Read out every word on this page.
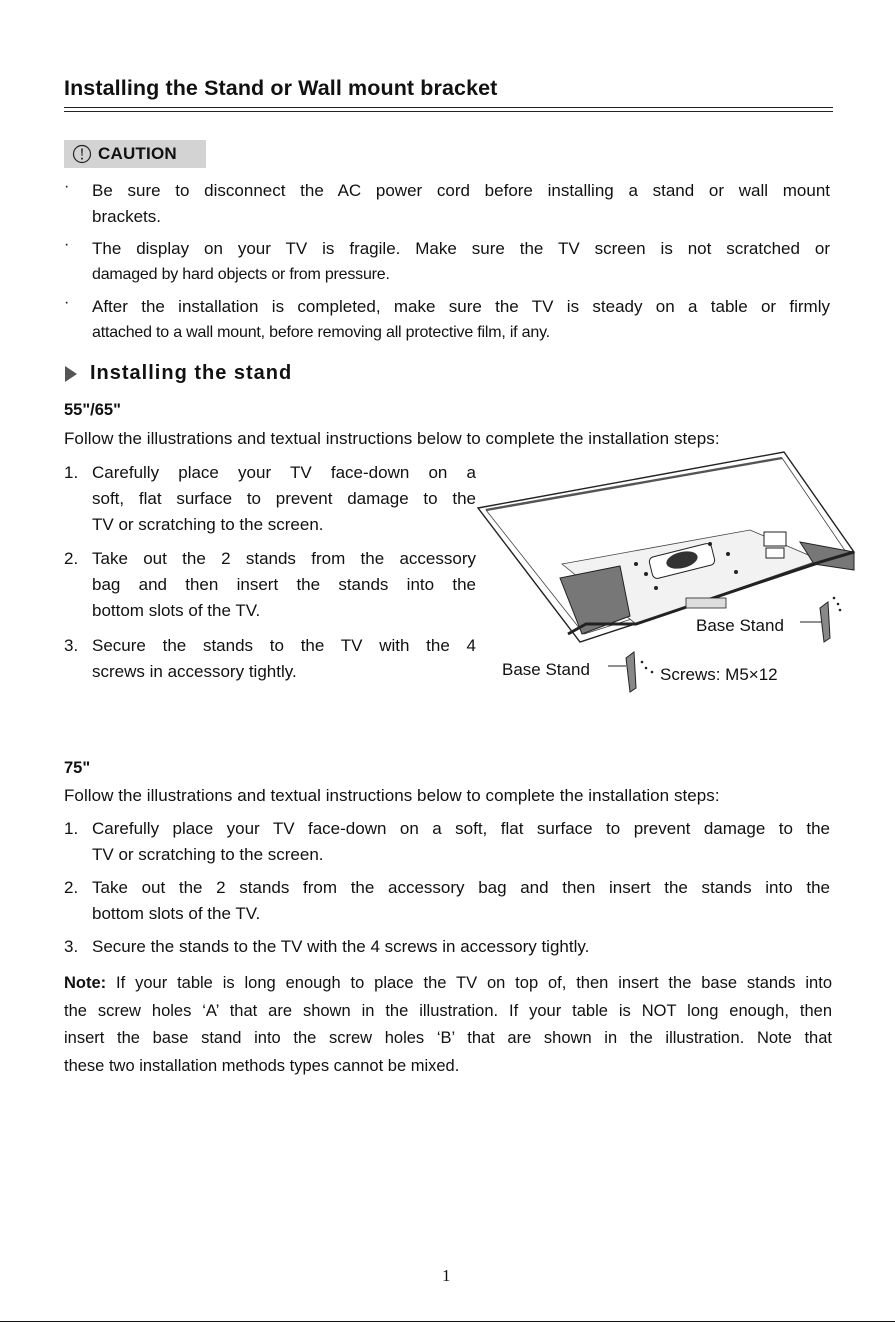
Installing the Stand or Wall mount bracket
CAUTION
· Be sure to disconnect the AC power cord before installing a stand or wall mount
brackets.
· The display on your TV is fragile. Make sure the TV screen is not scratched or
damaged by hard objects or from pressure.
· After the installation is completed, make sure the TV is steady on a table or firmly
attached to a wall mount, before removing all protective film, if any.
Installing the stand
55"/65"
Follow the illustrations and textual instructions below to complete the installation steps:
1. Carefully place your TV face-down on a
soft, flat surface to prevent damage to the
TV or scratching to the screen.
2. Take out the 2 stands from the accessory
bag and then insert the stands into the
bottom slots of the TV.
3. Secure the stands to the TV with the 4
screws in accessory tightly.
Base Stand
Base Stand	Screws: M5×12
75"
Follow the illustrations and textual instructions below to complete the installation steps:
1. Carefully place your TV face-down on a soft, flat surface to prevent damage to the
TV or scratching to the screen.
2. Take out the 2 stands from the accessory bag and then insert the stands into the
bottom slots of the TV.
3. Secure the stands to the TV with the 4 screws in accessory tightly.
Note: If your table is long enough to place the TV on top of, then insert the base stands into
the screw holes ‘A’ that are shown in the illustration. If your table is NOT long enough, then
insert the base stand into the screw holes ‘B’ that are shown in the illustration. Note that
these two installation methods types cannot be mixed.
1
